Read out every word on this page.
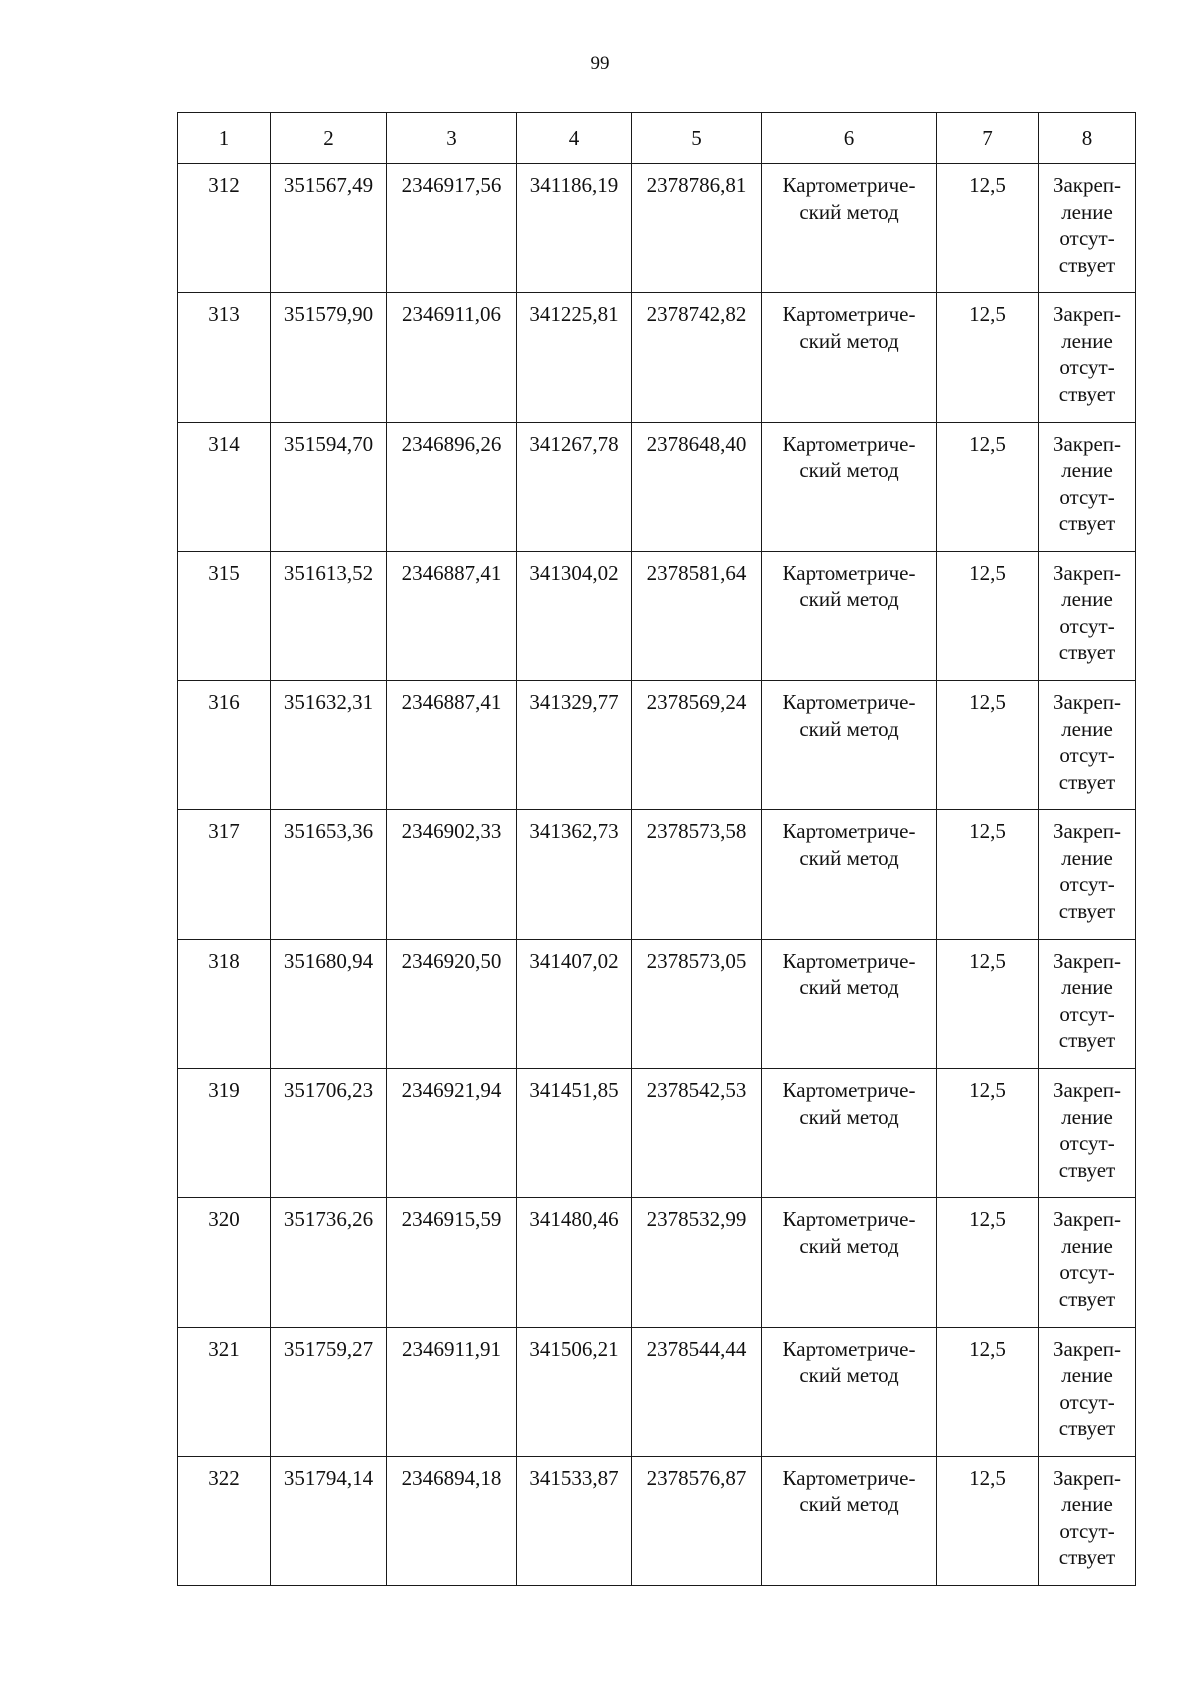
99
1	2	3	4	5	6	7	8

312	351567,49	2346917,56	341186,19	2378786,81	Картометриче-
ский метод	12,5	Закреп-
ление
отсут-
ствует

313	351579,90	2346911,06	341225,81	2378742,82	Картометриче-
ский метод	12,5	Закреп-
ление
отсут-
ствует

314	351594,70	2346896,26	341267,78	2378648,40	Картометриче-
ский метод	12,5	Закреп-
ление
отсут-
ствует

315	351613,52	2346887,41	341304,02	2378581,64	Картометриче-
ский метод	12,5	Закреп-
ление
отсут-
ствует

316	351632,31	2346887,41	341329,77	2378569,24	Картометриче-
ский метод	12,5	Закреп-
ление
отсут-
ствует

317	351653,36	2346902,33	341362,73	2378573,58	Картометриче-
ский метод	12,5	Закреп-
ление
отсут-
ствует

318	351680,94	2346920,50	341407,02	2378573,05	Картометриче-
ский метод	12,5	Закреп-
ление
отсут-
ствует

319	351706,23	2346921,94	341451,85	2378542,53	Картометриче-
ский метод	12,5	Закреп-
ление
отсут-
ствует

320	351736,26	2346915,59	341480,46	2378532,99	Картометриче-
ский метод	12,5	Закреп-
ление
отсут-
ствует

321	351759,27	2346911,91	341506,21	2378544,44	Картометриче-
ский метод	12,5	Закреп-
ление
отсут-
ствует

322	351794,14	2346894,18	341533,87	2378576,87	Картометриче-
ский метод	12,5	Закреп-
ление
отсут-
ствует
